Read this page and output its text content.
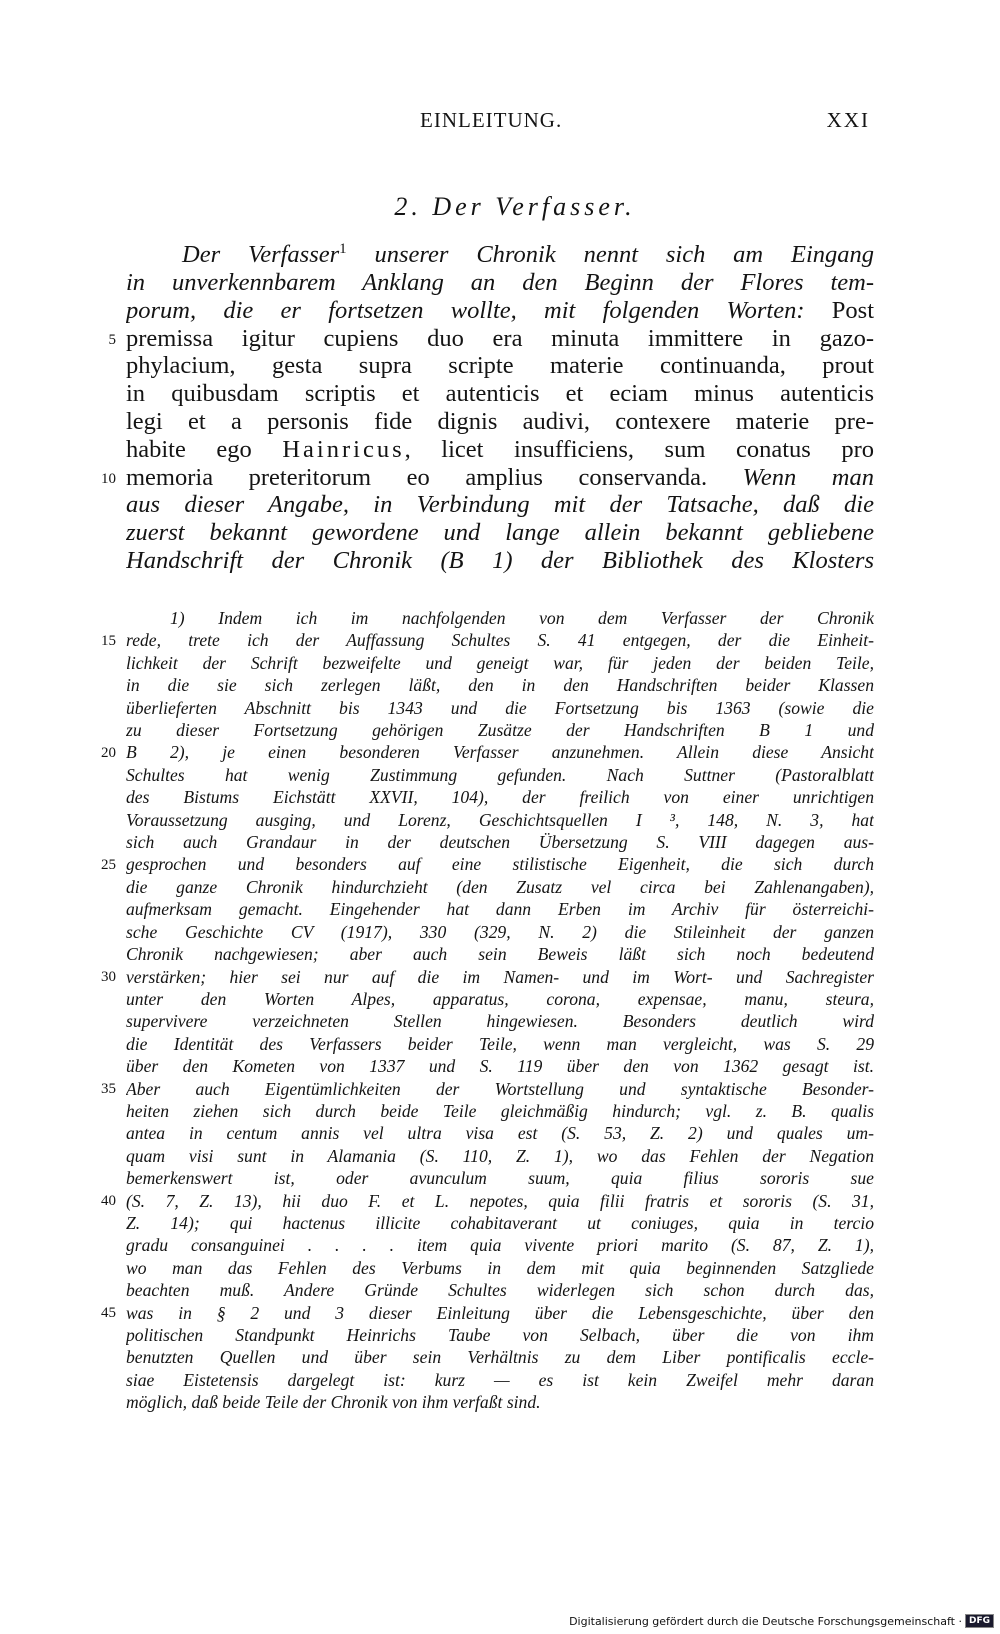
EINLEITUNG.	XXI
2. Der Verfasser.
Der Verfasser$^1$ unserer Chronik nennt sich am Eingang
in unverkennbarem Anklang an den Beginn der Flores tem-
porum, die er fortsetzen wollte, mit folgenden Worten: Post
premissa igitur cupiens duo era minuta immittere in gazo-
phylacium, gesta supra scripte materie continuanda, prout
in quibusdam scriptis et autenticis et eciam minus autenticis
legi et a personis fide dignis audivi, contexere materie pre-
habite ego Hainricus, licet insufficiens, sum conatus pro
memoria preteritorum eo amplius conservanda. Wenn man
aus dieser Angabe, in Verbindung mit der Tatsache, daß die
zuerst bekannt gewordene und lange allein bekannt gebliebene
Handschrift der Chronik (B 1) der Bibliothek des Klosters
1) Indem ich im nachfolgenden von dem Verfasser der Chronik
rede, trete ich der Auffassung Schultes S. 41 entgegen, der die Einheit-
lichkeit der Schrift bezweifelte und geneigt war, für jeden der beiden Teile,
in die sie sich zerlegen läßt, den in den Handschriften beider Klassen
überlieferten Abschnitt bis 1343 und die Fortsetzung bis 1363 (sowie die
zu dieser Fortsetzung gehörigen Zusätze der Handschriften B 1 und
B 2), je einen besonderen Verfasser anzunehmen. Allein diese Ansicht
Schultes hat wenig Zustimmung gefunden. Nach Suttner (Pastoralblatt
des Bistums Eichstätt XXVII, 104), der freilich von einer unrichtigen
Voraussetzung ausging, und Lorenz, Geschichtsquellen I ³, 148, N. 3, hat
sich auch Grandaur in der deutschen Übersetzung S. VIII dagegen aus-
gesprochen und besonders auf eine stilistische Eigenheit, die sich durch
die ganze Chronik hindurchzieht (den Zusatz vel circa bei Zahlenangaben),
aufmerksam gemacht. Eingehender hat dann Erben im Archiv für österreichi-
sche Geschichte CV (1917), 330 (329, N. 2) die Stileinheit der ganzen
Chronik nachgewiesen; aber auch sein Beweis läßt sich noch bedeutend
verstärken; hier sei nur auf die im Namen- und im Wort- und Sachregister
unter den Worten Alpes, apparatus, corona, expensae, manu, steura,
supervivere verzeichneten Stellen hingewiesen. Besonders deutlich wird
die Identität des Verfassers beider Teile, wenn man vergleicht, was S. 29
über den Kometen von 1337 und S. 119 über den von 1362 gesagt ist.
Aber auch Eigentümlichkeiten der Wortstellung und syntaktische Besonder-
heiten ziehen sich durch beide Teile gleichmäßig hindurch; vgl. z. B. qualis
antea in centum annis vel ultra visa est (S. 53, Z. 2) und quales um-
quam visi sunt in Alamania (S. 110, Z. 1), wo das Fehlen der Negation
bemerkenswert ist, oder avunculum suum, quia filius sororis sue
(S. 7, Z. 13), hii duo F. et L. nepotes, quia filii fratris et sororis (S. 31,
Z. 14); qui hactenus illicite cohabitaverant ut coniuges, quia in tercio
gradu consanguinei . . . . item quia vivente priori marito (S. 87, Z. 1),
wo man das Fehlen des Verbums in dem mit quia beginnenden Satzgliede
beachten muß. Andere Gründe Schultes widerlegen sich schon durch das,
was in § 2 und 3 dieser Einleitung über die Lebensgeschichte, über den
politischen Standpunkt Heinrichs Taube von Selbach, über die von ihm
benutzten Quellen und über sein Verhältnis zu dem Liber pontificalis eccle-
siae Eistetensis dargelegt ist: kurz — es ist kein Zweifel mehr daran
möglich, daß beide Teile der Chronik von ihm verfaßt sind.
5
10
15
20
25
30
35
40
45
Digitalisierung gefördert durch die Deutsche Forschungsgemeinschaft · DFG
